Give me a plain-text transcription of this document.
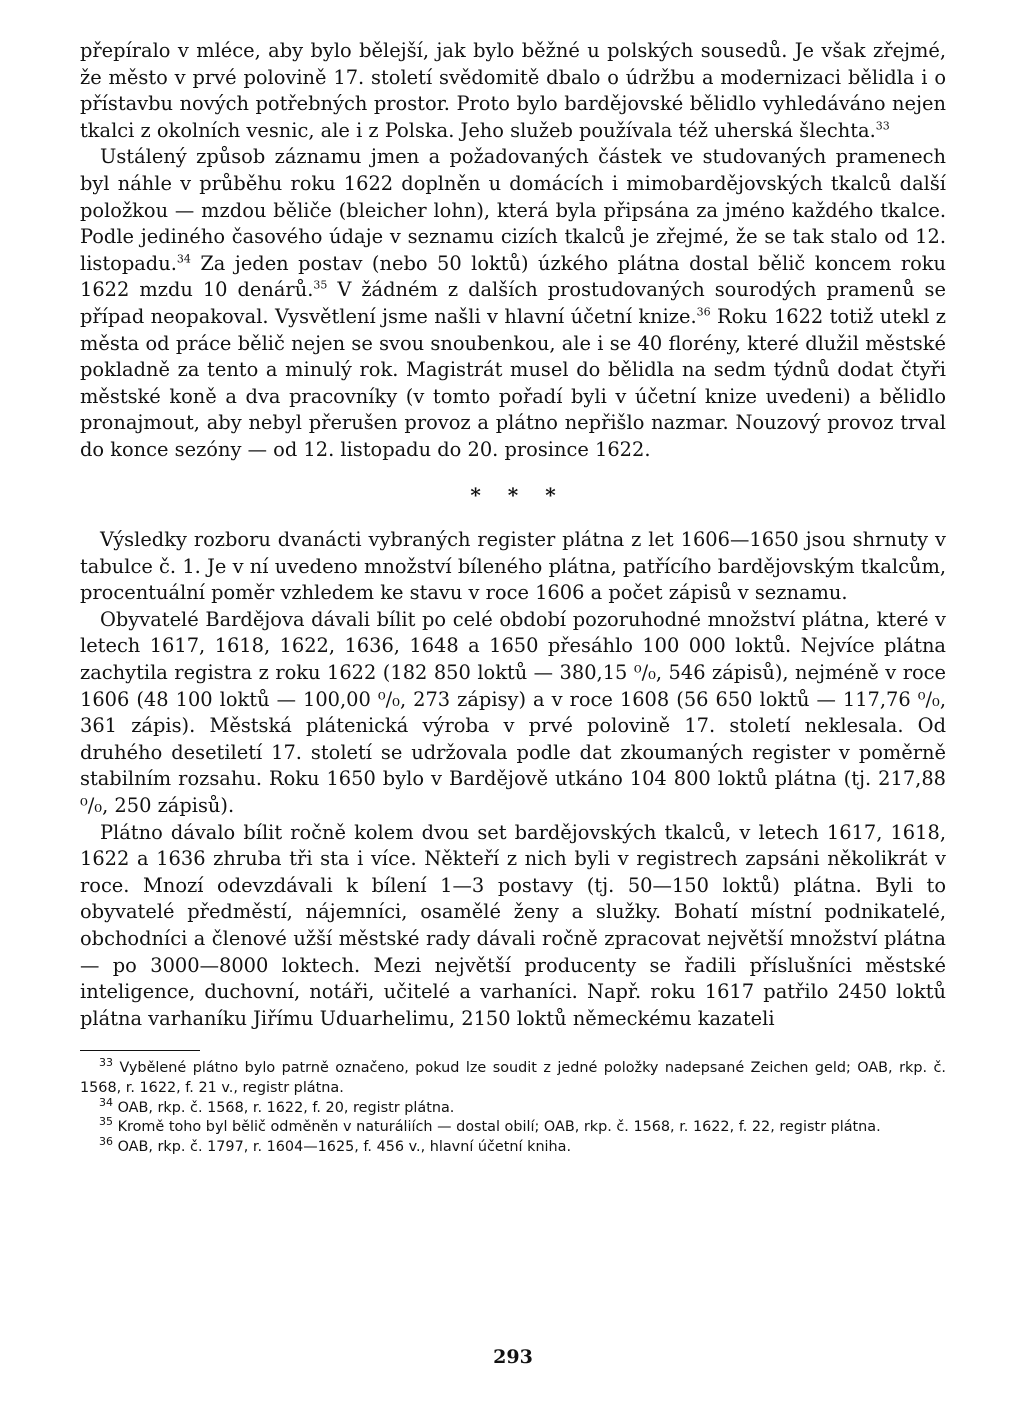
přepíralo v mléce, aby bylo bělejší, jak bylo běžné u polských sousedů. Je však zřejmé, že město v prvé polovině 17. století svědomitě dbalo o údržbu a modernizaci bělidla i o přístavbu nových potřebných prostor. Proto bylo bardějovské bělidlo vyhledáváno nejen tkalci z okolních vesnic, ale i z Polska. Jeho služeb používala též uherská šlechta.$^{33}$

Ustálený způsob záznamu jmen a požadovaných částek ve studovaných pramenech byl náhle v průběhu roku 1622 doplněn u domácích i mimobardějovských tkalců další položkou — mzdou běliče (bleicher lohn), která byla připsána za jméno každého tkalce. Podle jediného časového údaje v seznamu cizích tkalců je zřejmé, že se tak stalo od 12. listopadu.$^{34}$ Za jeden postav (nebo 50 loktů) úzkého plátna dostal bělič koncem roku 1622 mzdu 10 denárů.$^{35}$ V žádném z dalších prostudovaných sourodých pramenů se případ neopakoval. Vysvětlení jsme našli v hlavní účetní knize.$^{36}$ Roku 1622 totiž utekl z města od práce bělič nejen se svou snoubenkou, ale i se 40 florény, které dlužil městské pokladně za tento a minulý rok. Magistrát musel do bělidla na sedm týdnů dodat čtyři městské koně a dva pracovníky (v tomto pořadí byli v účetní knize uvedeni) a bělidlo pronajmout, aby nebyl přerušen provoz a plátno nepřišlo nazmar. Nouzový provoz trval do konce sezóny — od 12. listopadu do 20. prosince 1622.

* * *

Výsledky rozboru dvanácti vybraných register plátna z let 1606—1650 jsou shrnuty v tabulce č. 1. Je v ní uvedeno množství bíleného plátna, patřícího bardějovským tkalcům, procentuální poměr vzhledem ke stavu v roce 1606 a počet zápisů v seznamu.

Obyvatelé Bardějova dávali bílit po celé období pozoruhodné množství plátna, které v letech 1617, 1618, 1622, 1636, 1648 a 1650 přesáhlo 100 000 loktů. Nejvíce plátna zachytila registra z roku 1622 (182 850 loktů — 380,15 ⁰/₀, 546 zápisů), nejméně v roce 1606 (48 100 loktů — 100,00 ⁰/₀, 273 zápisy) a v roce 1608 (56 650 loktů — 117,76 ⁰/₀, 361 zápis). Městská plátenická výroba v prvé polovině 17. století neklesala. Od druhého desetiletí 17. století se udržovala podle dat zkoumaných register v poměrně stabilním rozsahu. Roku 1650 bylo v Bardějově utkáno 104 800 loktů plátna (tj. 217,88 ⁰/₀, 250 zápisů).

Plátno dávalo bílit ročně kolem dvou set bardějovských tkalců, v letech 1617, 1618, 1622 a 1636 zhruba tři sta i více. Někteří z nich byli v registrech zapsáni několikrát v roce. Mnozí odevzdávali k bílení 1—3 postavy (tj. 50—150 loktů) plátna. Byli to obyvatelé předměstí, nájemníci, osamělé ženy a služky. Bohatí místní podnikatelé, obchodníci a členové užší městské rady dávali ročně zpracovat největší množství plátna — po 3000—8000 loktech. Mezi největší producenty se řadili příslušníci městské inteligence, duchovní, notáři, učitelé a varhaníci. Např. roku 1617 patřilo 2450 loktů plátna varhaníku Jiřímu Uduarhelimu, 2150 loktů německému kazateli

$^{33}$ Vybělené plátno bylo patrně označeno, pokud lze soudit z jedné položky nadepsané Zeichen geld; OAB, rkp. č. 1568, r. 1622, f. 21 v., registr plátna.

$^{34}$ OAB, rkp. č. 1568, r. 1622, f. 20, registr plátna.

$^{35}$ Kromě toho byl bělič odměněn v naturáliích — dostal obilí; OAB, rkp. č. 1568, r. 1622, f. 22, registr plátna.

$^{36}$ OAB, rkp. č. 1797, r. 1604—1625, f. 456 v., hlavní účetní kniha.

293
